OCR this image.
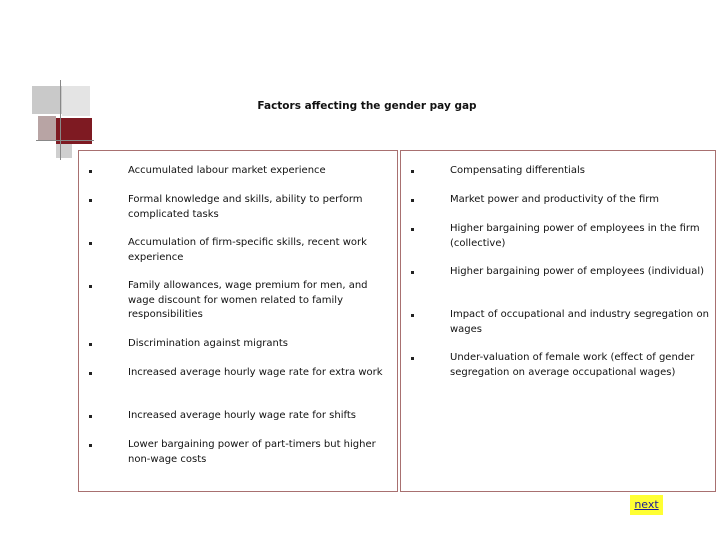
Factors affecting the gender pay gap
Accumulated labour market experience
Formal knowledge and skills, ability to perform complicated tasks
Accumulation of firm-specific skills, recent work experience
Family allowances, wage premium for men, and wage discount for women related to family responsibilities
Discrimination against migrants
Increased average hourly wage rate for extra work
Increased average hourly wage rate for shifts
Lower bargaining power of part-timers but higher non-wage costs
Compensating differentials
Market power and productivity of the firm
Higher bargaining power of employees in the firm (collective)
Higher bargaining power of employees (individual)
Impact of occupational and industry segregation on wages
Under-valuation of female work (effect of gender segregation on average occupational wages)
next
